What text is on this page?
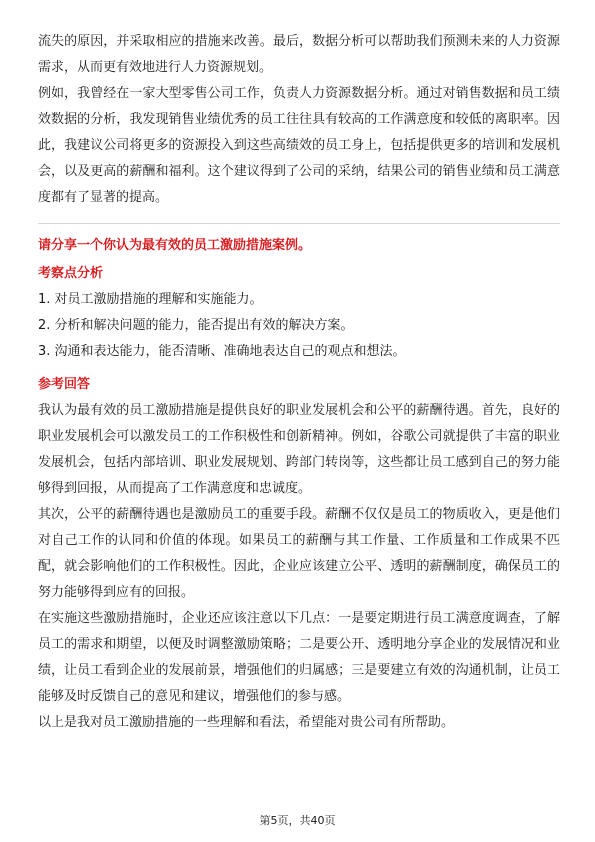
流失的原因，并采取相应的措施来改善。最后，数据分析可以帮助我们预测未来的人力资源需求，从而更有效地进行人力资源规划。

例如，我曾经在一家大型零售公司工作，负责人力资源数据分析。通过对销售数据和员工绩效数据的分析，我发现销售业绩优秀的员工往往具有较高的工作满意度和较低的离职率。因此，我建议公司将更多的资源投入到这些高绩效的员工身上，包括提供更多的培训和发展机会，以及更高的薪酬和福利。这个建议得到了公司的采纳，结果公司的销售业绩和员工满意度都有了显著的提高。

请分享一个你认为最有效的员工激励措施案例。

考察点分析

1. 对员工激励措施的理解和实施能力。

2. 分析和解决问题的能力，能否提出有效的解决方案。

3. 沟通和表达能力，能否清晰、准确地表达自己的观点和想法。

参考回答

我认为最有效的员工激励措施是提供良好的职业发展机会和公平的薪酬待遇。首先，良好的职业发展机会可以激发员工的工作积极性和创新精神。例如，谷歌公司就提供了丰富的职业发展机会，包括内部培训、职业发展规划、跨部门转岗等，这些都让员工感到自己的努力能够得到回报，从而提高了工作满意度和忠诚度。

其次，公平的薪酬待遇也是激励员工的重要手段。薪酬不仅仅是员工的物质收入，更是他们对自己工作的认同和价值的体现。如果员工的薪酬与其工作量、工作质量和工作成果不匹配，就会影响他们的工作积极性。因此，企业应该建立公平、透明的薪酬制度，确保员工的努力能够得到应有的回报。

在实施这些激励措施时，企业还应该注意以下几点：一是要定期进行员工满意度调查，了解员工的需求和期望，以便及时调整激励策略；二是要公开、透明地分享企业的发展情况和业绩，让员工看到企业的发展前景，增强他们的归属感；三是要建立有效的沟通机制，让员工能够及时反馈自己的意见和建议，增强他们的参与感。

以上是我对员工激励措施的一些理解和看法，希望能对贵公司有所帮助。

第5页，共40页
